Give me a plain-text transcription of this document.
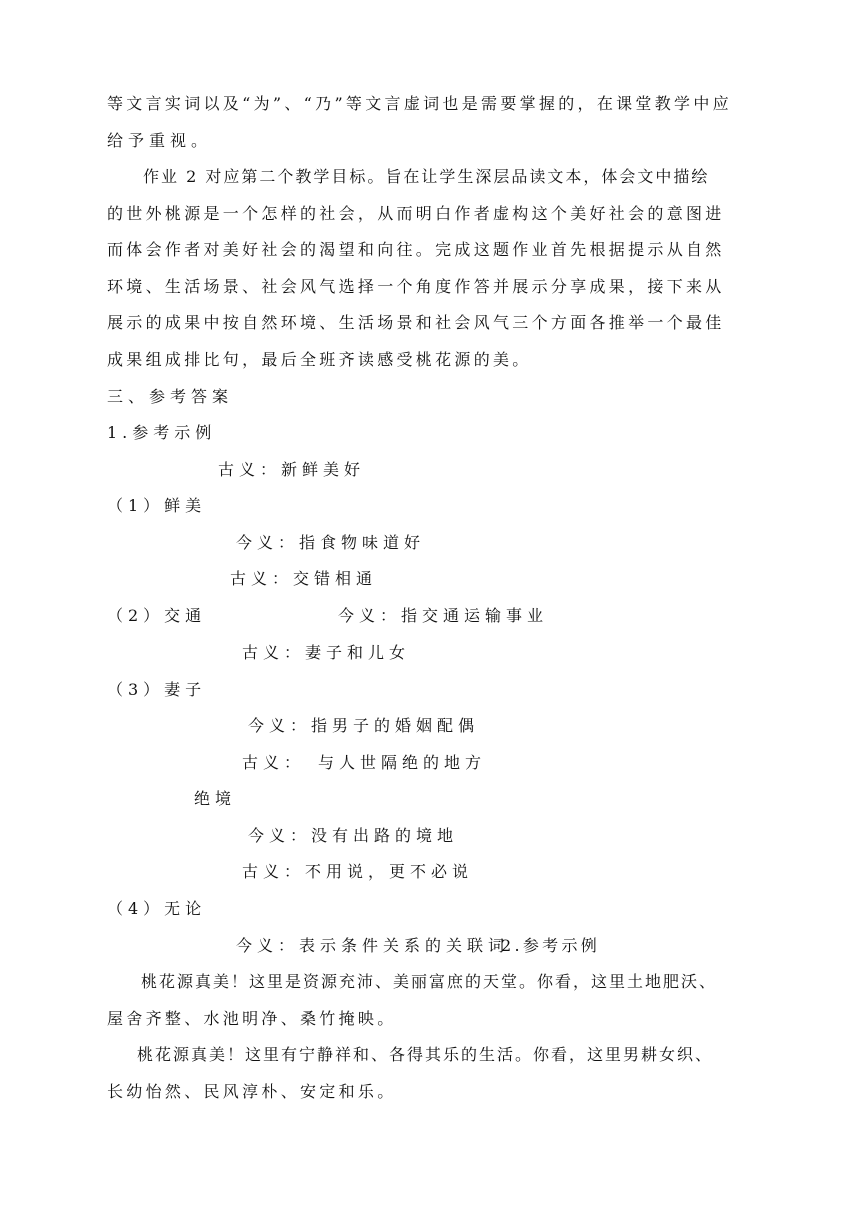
等文言实词以及“为”、“乃”等文言虚词也是需要掌握的，在课堂教学中应
给予重视。
作业 2 对应第二个教学目标。旨在让学生深层品读文本，体会文中描绘
的世外桃源是一个怎样的社会，从而明白作者虚构这个美好社会的意图进
而体会作者对美好社会的渴望和向往。完成这题作业首先根据提示从自然
环境、生活场景、社会风气选择一个角度作答并展示分享成果，接下来从
展示的成果中按自然环境、生活场景和社会风气三个方面各推举一个最佳
成果组成排比句，最后全班齐读感受桃花源的美。
三、参考答案
1.参考示例
古义：新鲜美好
（1）鲜美
今义：指食物味道好
古义：交错相通
（2）交通	今义：指交通运输事业
古义：妻子和儿女
（3）妻子
今义：指男子的婚姻配偶
古义：　与人世隔绝的地方
绝境
今义：没有出路的境地
古义：不用说，更不必说
（4）无论
今义：表示条件关系的关联词
2.参考示例
桃花源真美！这里是资源充沛、美丽富庶的天堂。你看，这里土地肥沃、
屋舍齐整、水池明净、桑竹掩映。
桃花源真美！这里有宁静祥和、各得其乐的生活。你看，这里男耕女织、
长幼怡然、民风淳朴、安定和乐。
